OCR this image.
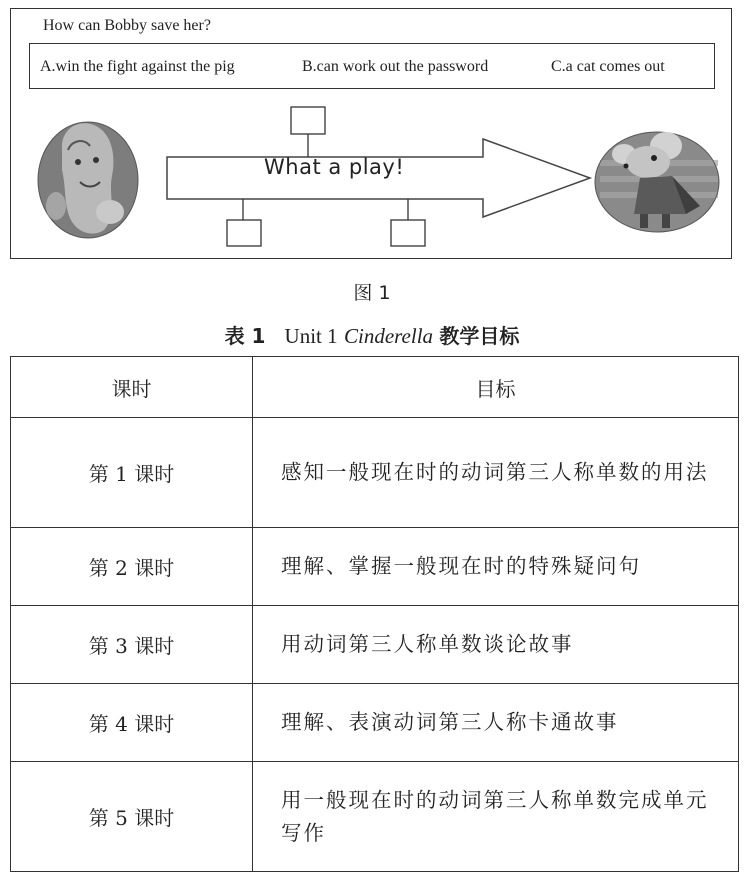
How can Bobby save her?
A.win the fight against the pig	B.can work out the password	C.a cat comes out
What a play!
图 1
表 1 Unit 1 Cinderella 教学目标
课时	目标
第 1 课时	感知一般现在时的动词第三人称单数的用法
第 2 课时	理解、掌握一般现在时的特殊疑问句
第 3 课时	用动词第三人称单数谈论故事
第 4 课时	理解、表演动词第三人称卡通故事
第 5 课时	用一般现在时的动词第三人称单数完成单元写作
